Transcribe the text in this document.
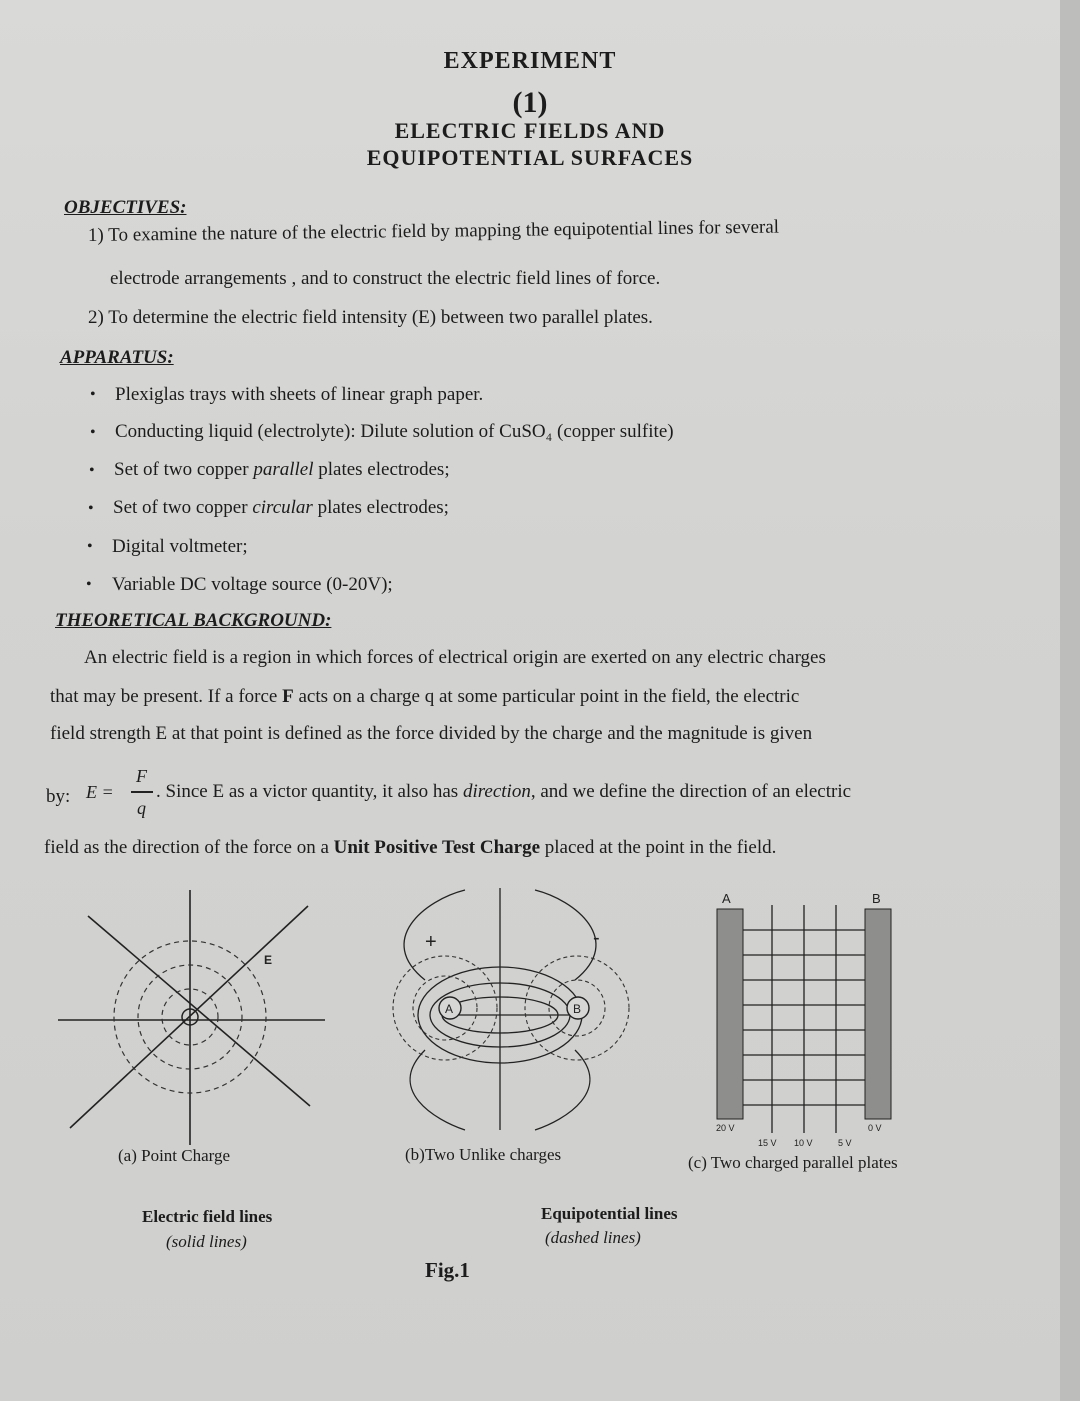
EXPERIMENT
(1)
ELECTRIC FIELDS AND
EQUIPOTENTIAL SURFACES
OBJECTIVES:
1) To examine the nature of the electric field by mapping the equipotential lines for several
electrode arrangements , and to construct the electric field lines of force.
2) To determine the electric field intensity (E) between two parallel plates.
APPARATUS:
• Plexiglas trays with sheets of linear graph paper.
• Conducting liquid (electrolyte): Dilute solution of CuSO₄ (copper sulfite)
• Set of two copper parallel plates electrodes;
• Set of two copper circular plates electrodes;
• Digital voltmeter;
• Variable DC voltage source (0-20V);
THEORETICAL BACKGROUND:
An electric field is a region in which forces of electrical origin are exerted on any electric charges
that may be present. If a force F acts on a charge q at some particular point in the field, the electric
field strength E at that point is defined as the force divided by the charge and the magnitude is given
by: E =
F
q
. Since E as a victor quantity, it also has direction, and we define the direction of an electric
field as the direction of the force on a Unit Positive Test Charge placed at the point in the field.
E
(a) Point Charge
A	B
+	-
(b)Two Unlike charges
A	B
20 V	0 V
15 V 10 V	5 V
(c) Two charged parallel plates
Electric field lines
(solid lines)
Equipotential lines
(dashed lines)
Fig.1
